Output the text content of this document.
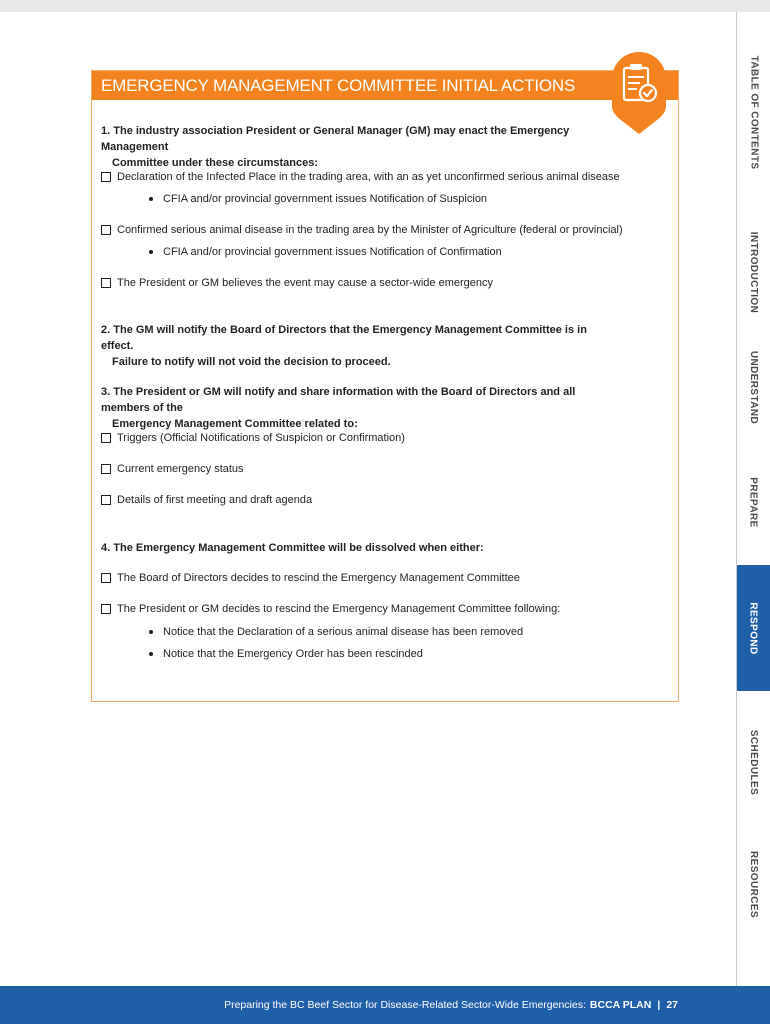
TABLE OF CONTENTS
INTRODUCTION
UNDERSTAND
PREPARE
RESPOND
SCHEDULES
RESOURCES
EMERGENCY MANAGEMENT COMMITTEE INITIAL ACTIONS
1. The industry association President or General Manager (GM) may enact the Emergency Management
Committee under these circumstances:
Declaration of the Infected Place in the trading area, with an as yet unconfirmed serious animal disease
CFIA and/or provincial government issues Notification of Suspicion
Confirmed serious animal disease in the trading area by the Minister of Agriculture (federal or provincial)
CFIA and/or provincial government issues Notification of Confirmation
The President or GM believes the event may cause a sector-wide emergency
2. The GM will notify the Board of Directors that the Emergency Management Committee is in effect.
Failure to notify will not void the decision to proceed.
3. The President or GM will notify and share information with the Board of Directors and all members of the
Emergency Management Committee related to:
Triggers (Official Notifications of Suspicion or Confirmation)
Current emergency status
Details of first meeting and draft agenda
4. The Emergency Management Committee will be dissolved when either:
The Board of Directors decides to rescind the Emergency Management Committee
The President or GM decides to rescind the Emergency Management Committee following:
Notice that the Declaration of a serious animal disease has been removed
Notice that the Emergency Order has been rescinded
Preparing the BC Beef Sector for Disease-Related Sector-Wide Emergencies: BCCA PLAN | 27
